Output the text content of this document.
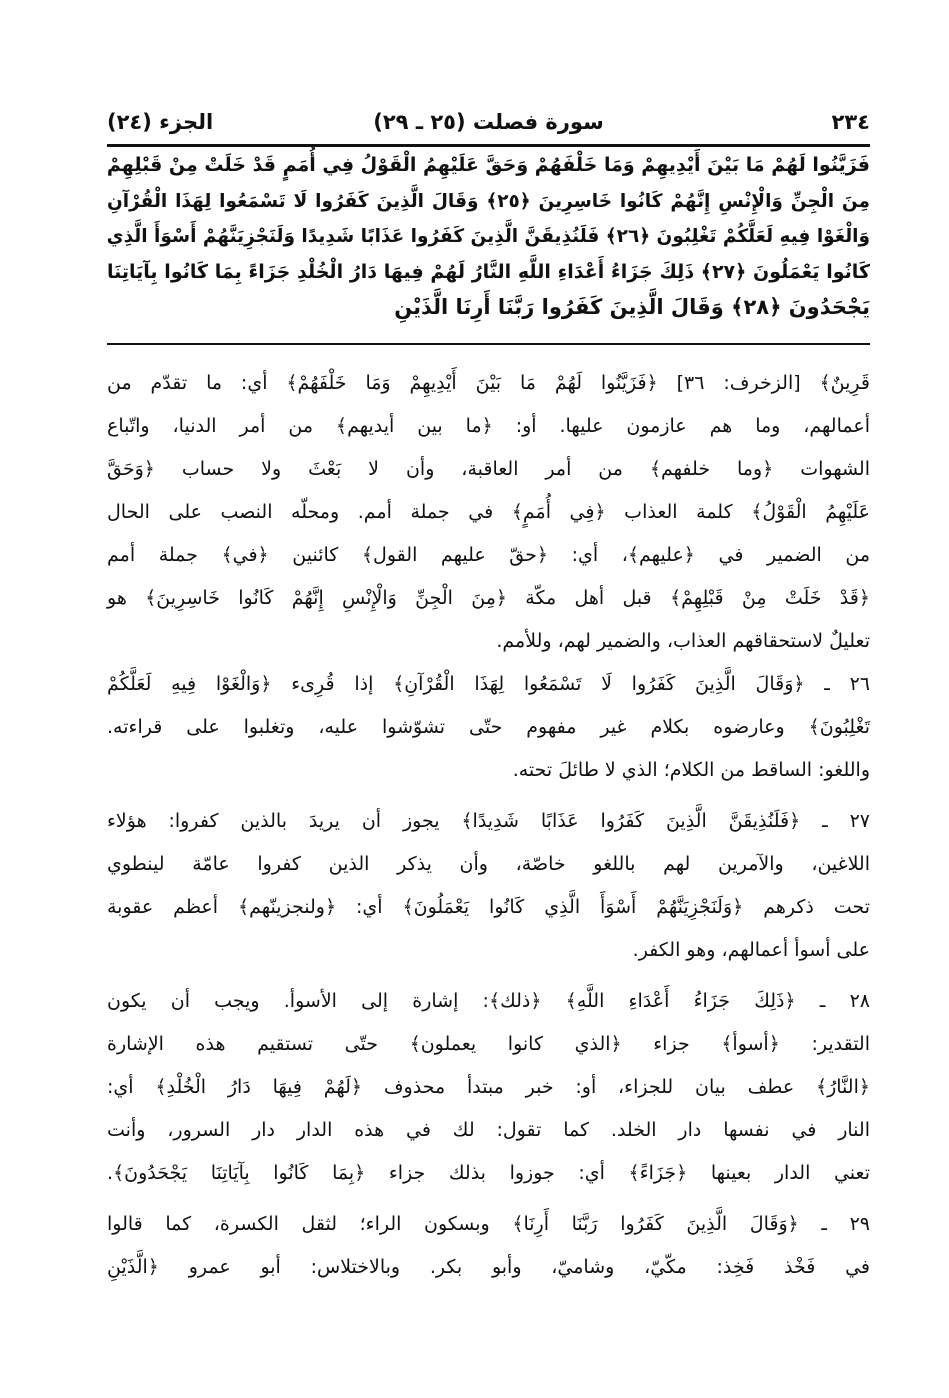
٢٣٤
سورة فصلت (٢٥ ـ ٢٩)
الجزء (٢٤)
فَزَيَّنُوا لَهُمْ مَا بَيْنَ أَيْدِيهِمْ وَمَا خَلْفَهُمْ وَحَقَّ عَلَيْهِمُ الْقَوْلُ فِي أُمَمٍ قَدْ خَلَتْ مِنْ قَبْلِهِمْ
مِنَ الْجِنِّ وَالْإِنْسِ إِنَّهُمْ كَانُوا خَاسِرِينَ ﴿٢٥﴾ وَقَالَ الَّذِينَ كَفَرُوا لَا تَسْمَعُوا لِهَذَا الْقُرْآنِ
وَالْغَوْا فِيهِ لَعَلَّكُمْ تَغْلِبُونَ ﴿٢٦﴾ فَلَنُذِيقَنَّ الَّذِينَ كَفَرُوا عَذَابًا شَدِيدًا وَلَنَجْزِيَنَّهُمْ أَسْوَأَ الَّذِي
كَانُوا يَعْمَلُونَ ﴿٢٧﴾ ذَلِكَ جَزَاءُ أَعْدَاءِ اللَّهِ النَّارُ لَهُمْ فِيهَا دَارُ الْخُلْدِ جَزَاءً بِمَا كَانُوا بِآيَاتِنَا
يَجْحَدُونَ ﴿٢٨﴾ وَقَالَ الَّذِينَ كَفَرُوا رَبَّنَا أَرِنَا الَّذَيْنِ
قَرِينٌ﴾ [الزخرف: ٣٦] ﴿فَزَيَّنُوا لَهُمْ مَا بَيْنَ أَيْدِيهِمْ وَمَا خَلْفَهُمْ﴾ أي: ما تقدّم من
أعمالهم، وما هم عازمون عليها. أو: ﴿ما بين أيديهم﴾ من أمر الدنيا، واتّباع
الشهوات ﴿وما خلفهم﴾ من أمر العاقبة، وأن لا بَعْثَ ولا حساب ﴿وَحَقَّ
عَلَيْهِمُ الْقَوْلُ﴾ كلمة العذاب ﴿فِي أُمَمٍ﴾ في جملة أمم. ومحلّه النصب على الحال
من الضمير في ﴿عليهم﴾، أي: ﴿حقّ عليهم القول﴾ كائنين ﴿في﴾ جملة أمم
﴿قَدْ خَلَتْ مِنْ قَبْلِهِمْ﴾ قبل أهل مكّة ﴿مِنَ الْجِنِّ وَالْإِنْسِ إِنَّهُمْ كَانُوا خَاسِرِينَ﴾ هو
تعليلٌ لاستحقاقهم العذاب، والضمير لهم، وللأمم.
٢٦ ـ ﴿وَقَالَ الَّذِينَ كَفَرُوا لَا تَسْمَعُوا لِهَذَا الْقُرْآنِ﴾ إذا قُرِىء ﴿وَالْغَوْا فِيهِ لَعَلَّكُمْ
تَغْلِبُونَ﴾ وعارضوه بكلام غير مفهوم حتّى تشوّشوا عليه، وتغلبوا على قراءته.
واللغو: الساقط من الكلام؛ الذي لا طائلَ تحته.
٢٧ ـ ﴿فَلَنُذِيقَنَّ الَّذِينَ كَفَرُوا عَذَابًا شَدِيدًا﴾ يجوز أن يريدَ بالذين كفروا: هؤلاء
اللاغين، والآمرين لهم باللغو خاصّة، وأن يذكر الذين كفروا عامّة لينطوي
تحت ذكرهم ﴿وَلَنَجْزِيَنَّهُمْ أَسْوَأَ الَّذِي كَانُوا يَعْمَلُونَ﴾ أي: ﴿ولنجزينّهم﴾ أعظم عقوبة
على أسوأ أعمالهم، وهو الكفر.
٢٨ ـ ﴿ذَلِكَ جَزَاءُ أَعْدَاءِ اللَّهِ﴾ ﴿ذلك﴾: إشارة إلى الأسوأ. ويجب أن يكون
التقدير: ﴿أسوأ﴾ جزاء ﴿الذي كانوا يعملون﴾ حتّى تستقيم هذه الإشارة
﴿النَّارُ﴾ عطف بيان للجزاء، أو: خبر مبتدأ محذوف ﴿لَهُمْ فِيهَا دَارُ الْخُلْدِ﴾ أي:
النار في نفسها دار الخلد. كما تقول: لك في هذه الدار دار السرور، وأنت
تعني الدار بعينها ﴿جَزَاءً﴾ أي: جوزوا بذلك جزاء ﴿بِمَا كَانُوا بِآيَاتِنَا يَجْحَدُونَ﴾.
٢٩ ـ ﴿وَقَالَ الَّذِينَ كَفَرُوا رَبَّنَا أَرِنَا﴾ وبسكون الراء؛ لثقل الكسرة، كما قالوا
في فَخْذ فَخِذ: مكّيّ، وشاميّ، وأبو بكر. وبالاختلاس: أبو عمرو ﴿الَّذَيْنِ
